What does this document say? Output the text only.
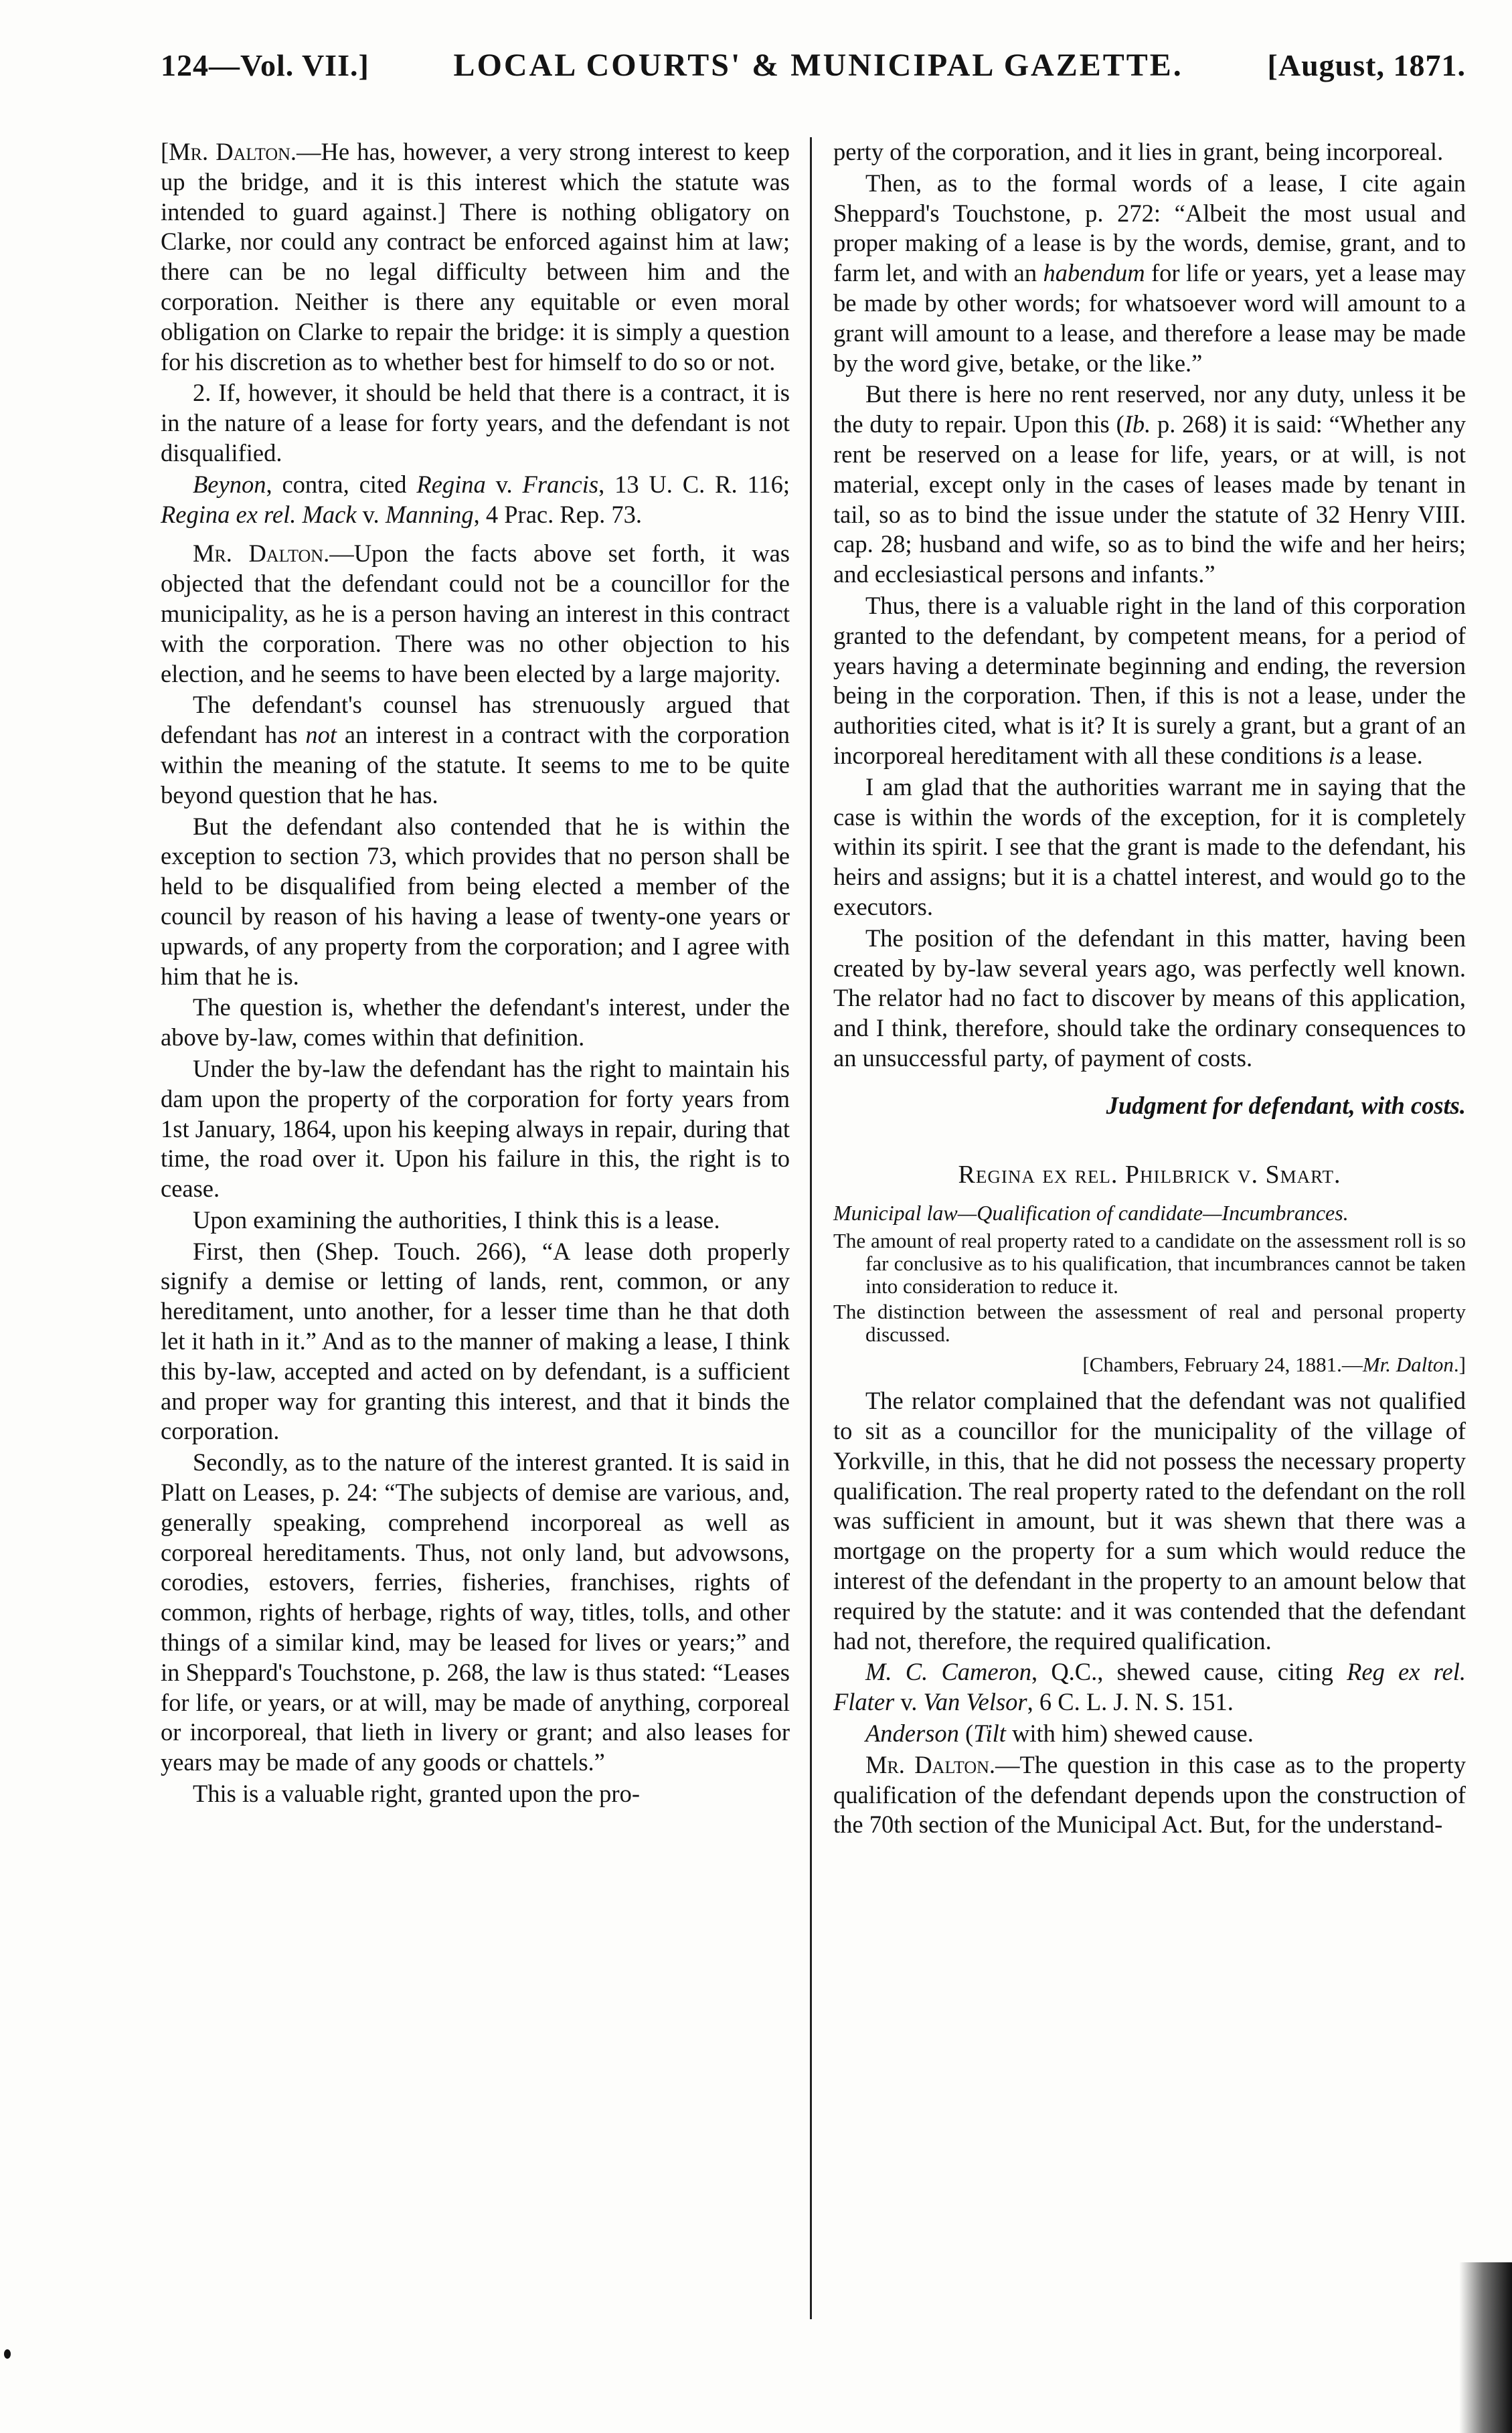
124—Vol. VII.]	LOCAL COURTS' & MUNICIPAL GAZETTE.	[August, 1871.

[Mr. Dalton.—He has, however, a very strong interest to keep up the bridge, and it is this interest which the statute was intended to guard against.] There is nothing obligatory on Clarke, nor could any contract be enforced against him at law; there can be no legal difficulty between him and the corporation. Neither is there any equitable or even moral obligation on Clarke to repair the bridge: it is simply a question for his discretion as to whether best for himself to do so or not.

2. If, however, it should be held that there is a contract, it is in the nature of a lease for forty years, and the defendant is not disqualified.

Beynon, contra, cited Regina v. Francis, 13 U. C. R. 116; Regina ex rel. Mack v. Manning, 4 Prac. Rep. 73.

Mr. Dalton.—Upon the facts above set forth, it was objected that the defendant could not be a councillor for the municipality, as he is a person having an interest in this contract with the corporation. There was no other objection to his election, and he seems to have been elected by a large majority.

The defendant's counsel has strenuously argued that defendant has not an interest in a contract with the corporation within the meaning of the statute. It seems to me to be quite beyond question that he has.

But the defendant also contended that he is within the exception to section 73, which provides that no person shall be held to be disqualified from being elected a member of the council by reason of his having a lease of twenty-one years or upwards, of any property from the corporation; and I agree with him that he is.

The question is, whether the defendant's interest, under the above by-law, comes within that definition.

Under the by-law the defendant has the right to maintain his dam upon the property of the corporation for forty years from 1st January, 1864, upon his keeping always in repair, during that time, the road over it. Upon his failure in this, the right is to cease.

Upon examining the authorities, I think this is a lease.

First, then (Shep. Touch. 266), “A lease doth properly signify a demise or letting of lands, rent, common, or any hereditament, unto another, for a lesser time than he that doth let it hath in it.” And as to the manner of making a lease, I think this by-law, accepted and acted on by defendant, is a sufficient and proper way for granting this interest, and that it binds the corporation.

Secondly, as to the nature of the interest granted. It is said in Platt on Leases, p. 24: “The subjects of demise are various, and, generally speaking, comprehend incorporeal as well as corporeal hereditaments. Thus, not only land, but advowsons, corodies, estovers, ferries, fisheries, franchises, rights of common, rights of herbage, rights of way, titles, tolls, and other things of a similar kind, may be leased for lives or years;” and in Sheppard's Touchstone, p. 268, the law is thus stated: “Leases for life, or years, or at will, may be made of anything, corporeal or incorporeal, that lieth in livery or grant; and also leases for years may be made of any goods or chattels.”

This is a valuable right, granted upon the pro-

perty of the corporation, and it lies in grant, being incorporeal.

Then, as to the formal words of a lease, I cite again Sheppard's Touchstone, p. 272: “Albeit the most usual and proper making of a lease is by the words, demise, grant, and to farm let, and with an habendum for life or years, yet a lease may be made by other words; for whatsoever word will amount to a grant will amount to a lease, and therefore a lease may be made by the word give, betake, or the like.”

But there is here no rent reserved, nor any duty, unless it be the duty to repair. Upon this (Ib. p. 268) it is said: “Whether any rent be reserved on a lease for life, years, or at will, is not material, except only in the cases of leases made by tenant in tail, so as to bind the issue under the statute of 32 Henry VIII. cap. 28; husband and wife, so as to bind the wife and her heirs; and ecclesiastical persons and infants.”

Thus, there is a valuable right in the land of this corporation granted to the defendant, by competent means, for a period of years having a determinate beginning and ending, the reversion being in the corporation. Then, if this is not a lease, under the authorities cited, what is it? It is surely a grant, but a grant of an incorporeal hereditament with all these conditions is a lease.

I am glad that the authorities warrant me in saying that the case is within the words of the exception, for it is completely within its spirit. I see that the grant is made to the defendant, his heirs and assigns; but it is a chattel interest, and would go to the executors.

The position of the defendant in this matter, having been created by by-law several years ago, was perfectly well known. The relator had no fact to discover by means of this application, and I think, therefore, should take the ordinary consequences to an unsuccessful party, of payment of costs.

Judgment for defendant, with costs.

Regina ex rel. Philbrick v. Smart.

Municipal law—Qualification of candidate—Incumbrances.

The amount of real property rated to a candidate on the assessment roll is so far conclusive as to his qualification, that incumbrances cannot be taken into consideration to reduce it.

The distinction between the assessment of real and personal property discussed.

[Chambers, February 24, 1881.—Mr. Dalton.]

The relator complained that the defendant was not qualified to sit as a councillor for the municipality of the village of Yorkville, in this, that he did not possess the necessary property qualification. The real property rated to the defendant on the roll was sufficient in amount, but it was shewn that there was a mortgage on the property for a sum which would reduce the interest of the defendant in the property to an amount below that required by the statute: and it was contended that the defendant had not, therefore, the required qualification.

M. C. Cameron, Q.C., shewed cause, citing Reg ex rel. Flater v. Van Velsor, 6 C. L. J. N. S. 151.

Anderson (Tilt with him) shewed cause.

Mr. Dalton.—The question in this case as to the property qualification of the defendant depends upon the construction of the 70th section of the Municipal Act. But, for the understand-
